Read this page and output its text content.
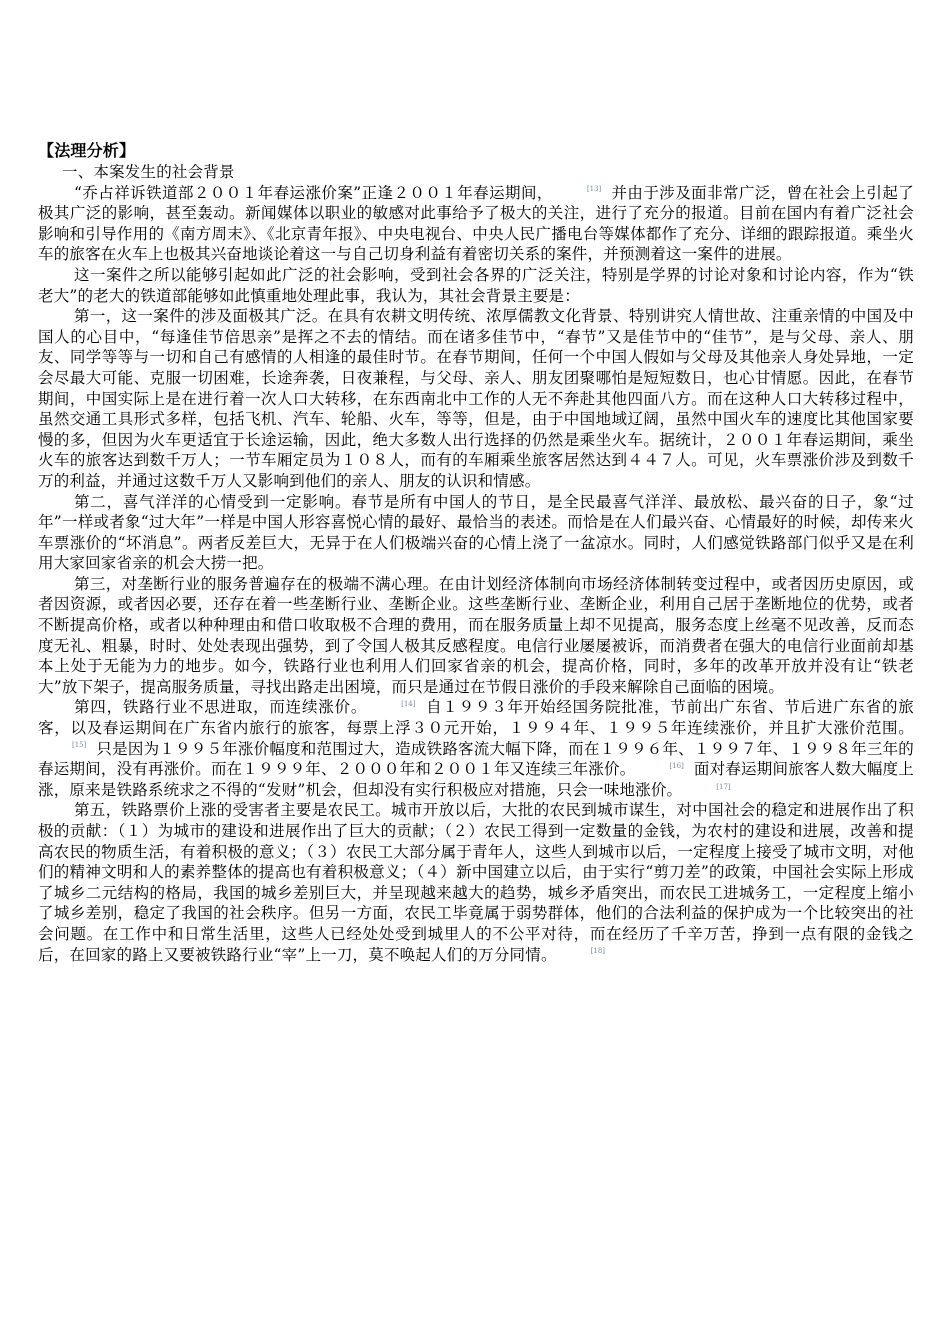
【法理分析】
一、本案发生的社会背景

“乔占祥诉铁道部２００１年春运涨价案”正逢２００１年春运期间，	[13] 并由于涉及面非常广泛，曾在社会上引起了极其广泛的影响，甚至轰动。新闻媒体以职业的敏感对此事给予了极大的关注，进行了充分的报道。目前在国内有着广泛社会影响和引导作用的《南方周末》、《北京青年报》、中央电视台、中央人民广播电台等媒体都作了充分、详细的跟踪报道。乘坐火车的旅客在火车上也极其兴奋地谈论着这一与自己切身利益有着密切关系的案件，并预测着这一案件的进展。

这一案件之所以能够引起如此广泛的社会影响，受到社会各界的广泛关注，特别是学界的讨论对象和讨论内容，作为“铁老大”的老大的铁道部能够如此慎重地处理此事，我认为，其社会背景主要是：

第一，这一案件的涉及面极其广泛。在具有农耕文明传统、浓厚儒教文化背景、特别讲究人情世故、注重亲情的中国及中国人的心目中，“每逢佳节倍思亲”是挥之不去的情结。而在诸多佳节中，“春节”又是佳节中的“佳节”，是与父母、亲人、朋友、同学等等与一切和自己有感情的人相逢的最佳时节。在春节期间，任何一个中国人假如与父母及其他亲人身处异地，一定会尽最大可能、克服一切困难，长途奔袭，日夜兼程，与父母、亲人、朋友团聚哪怕是短短数日，也心甘情愿。因此，在春节期间，中国实际上是在进行着一次人口大转移，在东西南北中工作的人无不奔赴其他四面八方。而在这种人口大转移过程中，虽然交通工具形式多样，包括飞机、汽车、轮船、火车，等等，但是，由于中国地域辽阔，虽然中国火车的速度比其他国家要慢的多，但因为火车更适宜于长途运输，因此，绝大多数人出行选择的仍然是乘坐火车。据统计，２００１年春运期间，乘坐火车的旅客达到数千万人；一节车厢定员为１０８人，而有的车厢乘坐旅客居然达到４４７人。可见，火车票涨价涉及到数千万的利益，并通过这数千万人又影响到他们的亲人、朋友的认识和情感。

第二，喜气洋洋的心情受到一定影响。春节是所有中国人的节日，是全民最喜气洋洋、最放松、最兴奋的日子，象“过年”一样或者象“过大年”一样是中国人形容喜悦心情的最好、最恰当的表述。而恰是在人们最兴奋、心情最好的时候，却传来火车票涨价的“坏消息”。两者反差巨大，无异于在人们极端兴奋的心情上浇了一盆凉水。同时，人们感觉铁路部门似乎又是在利用大家回家省亲的机会大捞一把。

第三，对垄断行业的服务普遍存在的极端不满心理。在由计划经济体制向市场经济体制转变过程中，或者因历史原因，或者因资源，或者因必要，还存在着一些垄断行业、垄断企业。这些垄断行业、垄断企业，利用自己居于垄断地位的优势，或者不断提高价格，或者以种种理由和借口收取极不合理的费用，而在服务质量上却不见提高，服务态度上丝毫不见改善，反而态度无礼、粗暴，时时、处处表现出强势，到了令国人极其反感程度。电信行业屡屡被诉，而消费者在强大的电信行业面前却基本上处于无能为力的地步。如今，铁路行业也利用人们回家省亲的机会，提高价格，同时，多年的改革开放并没有让“铁老大”放下架子，提高服务质量，寻找出路走出困境，而只是通过在节假日涨价的手段来解除自己面临的困境。

第四，铁路行业不思进取，而连续涨价。	[14] 自１９９３年开始经国务院批准，节前出广东省、节后进广东省的旅客，以及春运期间在广东省内旅行的旅客，每票上浮３０元开始，１９９４年、１９９５年连续涨价，并且扩大涨价范围。[15] 只是因为１９９５年涨价幅度和范围过大，造成铁路客流大幅下降，而在１９９６年、１９９７年、１９９８年三年的春运期间，没有再涨价。而在１９９９年、２０００年和２００１年又连续三年涨价。	[16] 面对春运期间旅客人数大幅度上涨，原来是铁路系统求之不得的“发财”机会，但却没有实行积极应对措施，只会一味地涨价。	[17]

第五，铁路票价上涨的受害者主要是农民工。城市开放以后，大批的农民到城市谋生，对中国社会的稳定和进展作出了积极的贡献：（１）为城市的建设和进展作出了巨大的贡献；（２）农民工得到一定数量的金钱，为农村的建设和进展，改善和提高农民的物质生活，有着积极的意义；（３）农民工大部分属于青年人，这些人到城市以后，一定程度上接受了城市文明，对他们的精神文明和人的素养整体的提高也有着积极意义；（４）新中国建立以后，由于实行“剪刀差”的政策，中国社会实际上形成了城乡二元结构的格局，我国的城乡差别巨大，并呈现越来越大的趋势，城乡矛盾突出，而农民工进城务工，一定程度上缩小了城乡差别，稳定了我国的社会秩序。但另一方面，农民工毕竟属于弱势群体，他们的合法利益的保护成为一个比较突出的社会问题。在工作中和日常生活里，这些人已经处处受到城里人的不公平对待，而在经历了千辛万苦，挣到一点有限的金钱之后，在回家的路上又要被铁路行业“宰”上一刀，莫不唤起人们的万分同情。	[18]
